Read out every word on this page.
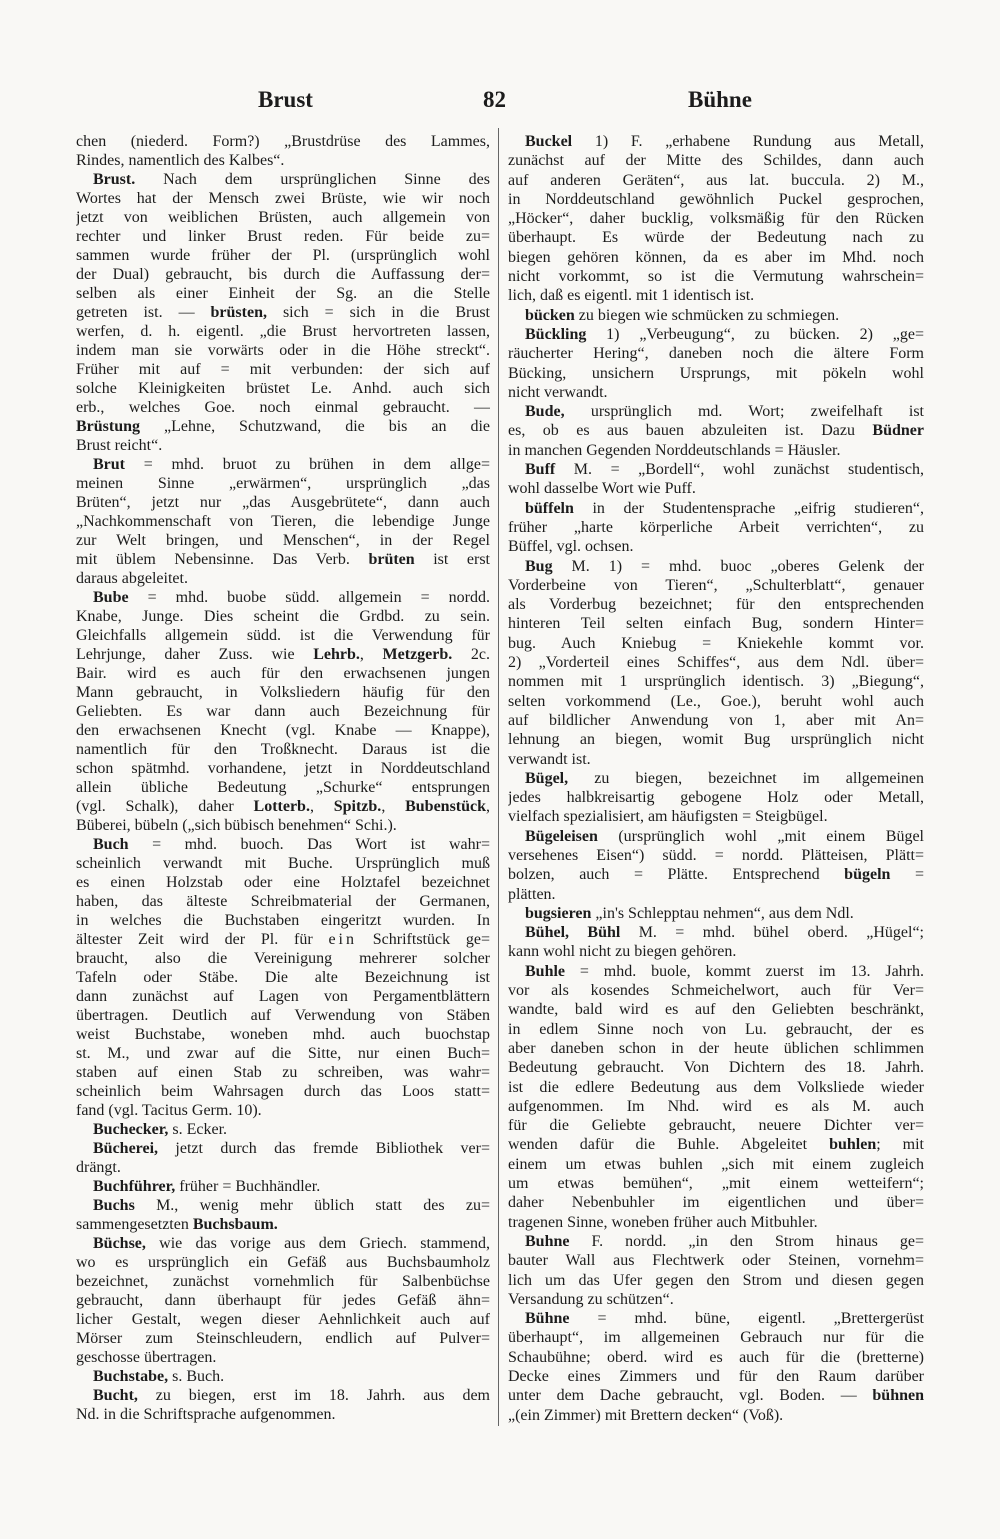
Brust	82	Bühne
chen (niederd. Form?) „Brustdrüse des Lammes,
Rindes, namentlich des Kalbes“.
Brust. Nach dem ursprünglichen Sinne des
Wortes hat der Mensch zwei Brüste, wie wir noch
jetzt von weiblichen Brüsten, auch allgemein von
rechter und linker Brust reden. Für beide zu=
sammen wurde früher der Pl. (ursprünglich wohl
der Dual) gebraucht, bis durch die Auffassung der=
selben als einer Einheit der Sg. an die Stelle
getreten ist. — brüsten, sich = sich in die Brust
werfen, d. h. eigentl. „die Brust hervortreten lassen,
indem man sie vorwärts oder in die Höhe streckt“.
Früher mit auf = mit verbunden: der sich auf
solche Kleinigkeiten brüstet Le. Anhd. auch sich
erb., welches Goe. noch einmal gebraucht. —
Brüstung „Lehne, Schutzwand, die bis an die
Brust reicht“.
Brut = mhd. bruot zu brühen in dem allge=
meinen Sinne „erwärmen“, ursprünglich „das
Brüten“, jetzt nur „das Ausgebrütete“, dann auch
„Nachkommenschaft von Tieren, die lebendige Junge
zur Welt bringen, und Menschen“, in der Regel
mit üblem Nebensinne. Das Verb. brüten ist erst
daraus abgeleitet.
Bube = mhd. buobe südd. allgemein = nordd.
Knabe, Junge. Dies scheint die Grdbd. zu sein.
Gleichfalls allgemein südd. ist die Verwendung für
Lehrjunge, daher Zuss. wie Lehrb., Metzgerb. 2c.
Bair. wird es auch für den erwachsenen jungen
Mann gebraucht, in Volksliedern häufig für den
Geliebten. Es war dann auch Bezeichnung für
den erwachsenen Knecht (vgl. Knabe — Knappe),
namentlich für den Troßknecht. Daraus ist die
schon spätmhd. vorhandene, jetzt in Norddeutschland
allein übliche Bedeutung „Schurke“ entsprungen
(vgl. Schalk), daher Lotterb., Spitzb., Bubenstück,
Büberei, bübeln („sich bübisch benehmen“ Schi.).
Buch = mhd. buoch. Das Wort ist wahr=
scheinlich verwandt mit Buche. Ursprünglich muß
es einen Holzstab oder eine Holztafel bezeichnet
haben, das älteste Schreibmaterial der Germanen,
in welches die Buchstaben eingeritzt wurden. In
ältester Zeit wird der Pl. für ein Schriftstück ge=
braucht, also die Vereinigung mehrerer solcher
Tafeln oder Stäbe. Die alte Bezeichnung ist
dann zunächst auf Lagen von Pergamentblättern
übertragen. Deutlich auf Verwendung von Stäben
weist Buchstabe, woneben mhd. auch buochstap
st. M., und zwar auf die Sitte, nur einen Buch=
staben auf einen Stab zu schreiben, was wahr=
scheinlich beim Wahrsagen durch das Loos statt=
fand (vgl. Tacitus Germ. 10).
Buchecker, s. Ecker.
Bücherei, jetzt durch das fremde Bibliothek ver=
drängt.
Buchführer, früher = Buchhändler.
Buchs M., wenig mehr üblich statt des zu=
sammengesetzten Buchsbaum.
Büchse, wie das vorige aus dem Griech. stammend,
wo es ursprünglich ein Gefäß aus Buchsbaumholz
bezeichnet, zunächst vornehmlich für Salbenbüchse
gebraucht, dann überhaupt für jedes Gefäß ähn=
licher Gestalt, wegen dieser Aehnlichkeit auch auf
Mörser zum Steinschleudern, endlich auf Pulver=
geschosse übertragen.
Buchstabe, s. Buch.
Bucht, zu biegen, erst im 18. Jahrh. aus dem
Nd. in die Schriftsprache aufgenommen.
Buckel 1) F. „erhabene Rundung aus Metall,
zunächst auf der Mitte des Schildes, dann auch
auf anderen Geräten“, aus lat. buccula. 2) M.,
in Norddeutschland gewöhnlich Puckel gesprochen,
„Höcker“, daher bucklig, volksmäßig für den Rücken
überhaupt. Es würde der Bedeutung nach zu
biegen gehören können, da es aber im Mhd. noch
nicht vorkommt, so ist die Vermutung wahrschein=
lich, daß es eigentl. mit 1 identisch ist.
bücken zu biegen wie schmücken zu schmiegen.
Bückling 1) „Verbeugung“, zu bücken. 2) „ge=
räucherter Hering“, daneben noch die ältere Form
Bücking, unsichern Ursprungs, mit pökeln wohl
nicht verwandt.
Bude, ursprünglich md. Wort; zweifelhaft ist
es, ob es aus bauen abzuleiten ist. Dazu Büdner
in manchen Gegenden Norddeutschlands = Häusler.
Buff M. = „Bordell“, wohl zunächst studentisch,
wohl dasselbe Wort wie Puff.
büffeln in der Studentensprache „eifrig studieren“,
früher „harte körperliche Arbeit verrichten“, zu
Büffel, vgl. ochsen.
Bug M. 1) = mhd. buoc „oberes Gelenk der
Vorderbeine von Tieren“, „Schulterblatt“, genauer
als Vorderbug bezeichnet; für den entsprechenden
hinteren Teil selten einfach Bug, sondern Hinter=
bug. Auch Kniebug = Kniekehle kommt vor.
2) „Vorderteil eines Schiffes“, aus dem Ndl. über=
nommen mit 1 ursprünglich identisch. 3) „Biegung“,
selten vorkommend (Le., Goe.), beruht wohl auch
auf bildlicher Anwendung von 1, aber mit An=
lehnung an biegen, womit Bug ursprünglich nicht
verwandt ist.
Bügel, zu biegen, bezeichnet im allgemeinen
jedes halbkreisartig gebogene Holz oder Metall,
vielfach spezialisiert, am häufigsten = Steigbügel.
Bügeleisen (ursprünglich wohl „mit einem Bügel
versehenes Eisen“) südd. = nordd. Plätteisen, Plätt=
bolzen, auch = Plätte. Entsprechend bügeln =
plätten.
bugsieren „in's Schlepptau nehmen“, aus dem Ndl.
Bühel, Bühl M. = mhd. bühel oberd. „Hügel“;
kann wohl nicht zu biegen gehören.
Buhle = mhd. buole, kommt zuerst im 13. Jahrh.
vor als kosendes Schmeichelwort, auch für Ver=
wandte, bald wird es auf den Geliebten beschränkt,
in edlem Sinne noch von Lu. gebraucht, der es
aber daneben schon in der heute üblichen schlimmen
Bedeutung gebraucht. Von Dichtern des 18. Jahrh.
ist die edlere Bedeutung aus dem Volksliede wieder
aufgenommen. Im Nhd. wird es als M. auch
für die Geliebte gebraucht, neuere Dichter ver=
wenden dafür die Buhle. Abgeleitet buhlen; mit
einem um etwas buhlen „sich mit einem zugleich
um etwas bemühen“, „mit einem wetteifern“;
daher Nebenbuhler im eigentlichen und über=
tragenen Sinne, woneben früher auch Mitbuhler.
Buhne F. nordd. „in den Strom hinaus ge=
bauter Wall aus Flechtwerk oder Steinen, vornehm=
lich um das Ufer gegen den Strom und diesen gegen
Versandung zu schützen“.
Bühne = mhd. büne, eigentl. „Brettergerüst
überhaupt“, im allgemeinen Gebrauch nur für die
Schaubühne; oberd. wird es auch für die (bretterne)
Decke eines Zimmers und für den Raum darüber
unter dem Dache gebraucht, vgl. Boden. — bühnen
„(ein Zimmer) mit Brettern decken“ (Voß).
